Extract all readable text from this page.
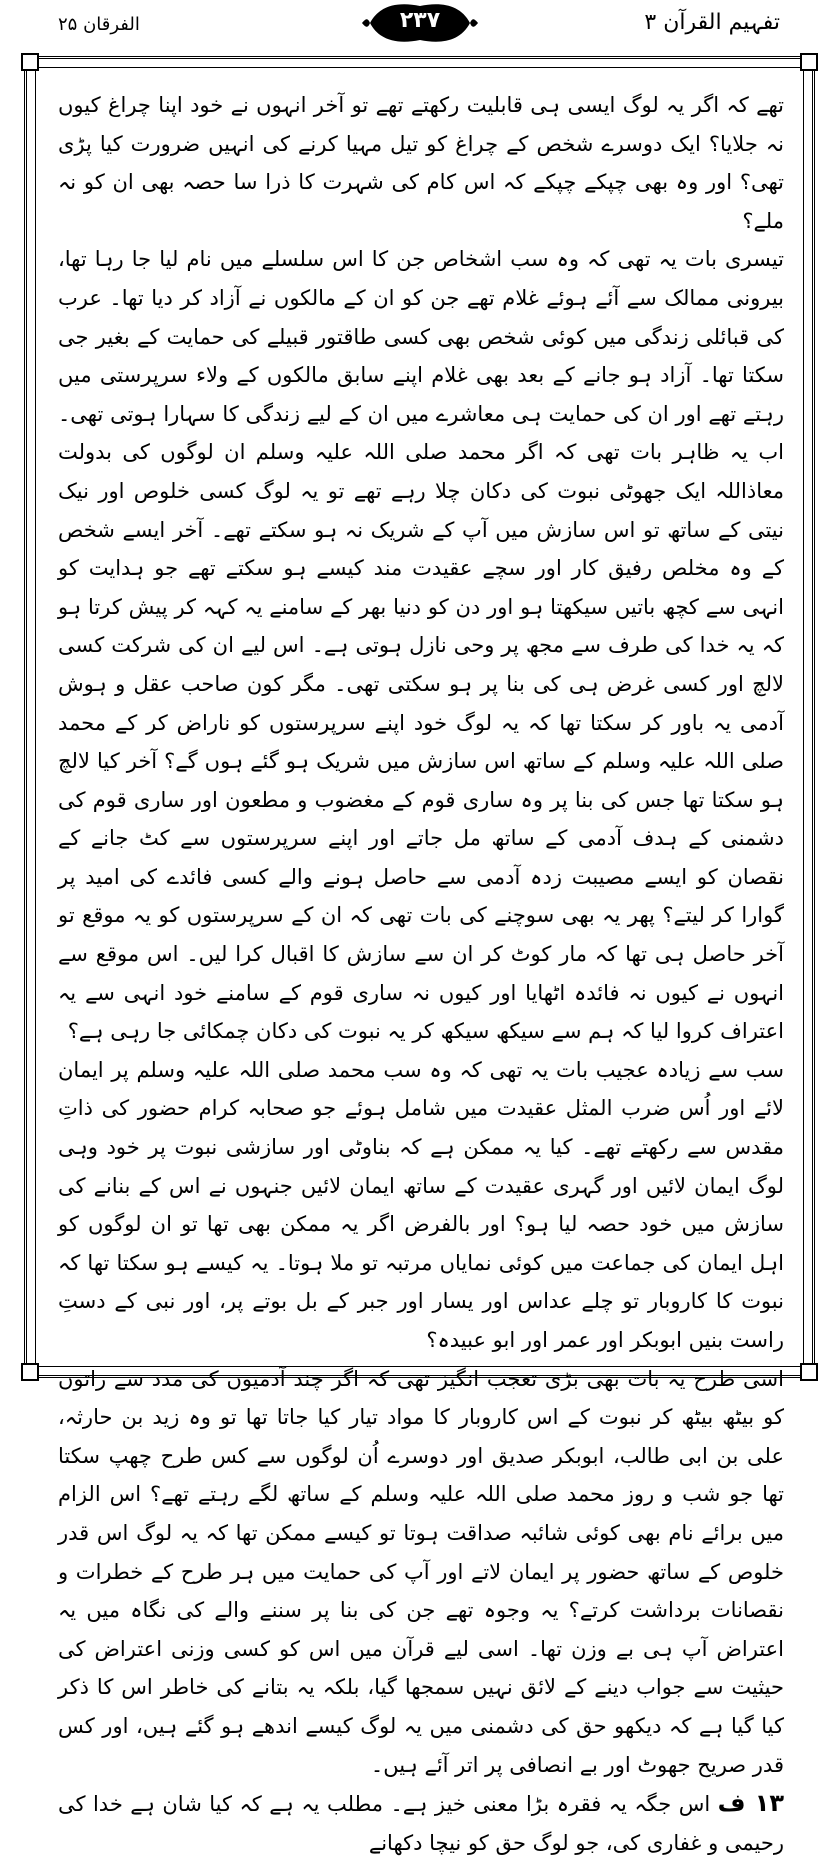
الفرقان ۲۵	۲۳۷	تفہیم القرآن ۳

تھے کہ اگر یہ لوگ ایسی ہی قابلیت رکھتے تھے تو آخر انہوں نے خود اپنا چراغ کیوں نہ جلایا؟ ایک دوسرے شخص کے چراغ کو تیل مہیا کرنے کی انہیں ضرورت کیا پڑی تھی؟ اور وہ بھی چپکے چپکے کہ اس کام کی شہرت کا ذرا سا حصہ بھی ان کو نہ ملے؟

تیسری بات یہ تھی کہ وہ سب اشخاص جن کا اس سلسلے میں نام لیا جا رہا تھا، بیرونی ممالک سے آئے ہوئے غلام تھے جن کو ان کے مالکوں نے آزاد کر دیا تھا۔ عرب کی قبائلی زندگی میں کوئی شخص بھی کسی طاقتور قبیلے کی حمایت کے بغیر جی سکتا تھا۔ آزاد ہو جانے کے بعد بھی غلام اپنے سابق مالکوں کے ولاء سرپرستی میں رہتے تھے اور ان کی حمایت ہی معاشرے میں ان کے لیے زندگی کا سہارا ہوتی تھی۔ اب یہ ظاہر بات تھی کہ اگر محمد صلی اللہ علیہ وسلم ان لوگوں کی بدولت معاذاللہ ایک جھوٹی نبوت کی دکان چلا رہے تھے تو یہ لوگ کسی خلوص اور نیک نیتی کے ساتھ تو اس سازش میں آپ کے شریک نہ ہو سکتے تھے۔ آخر ایسے شخص کے وہ مخلص رفیق کار اور سچے عقیدت مند کیسے ہو سکتے تھے جو ہدایت کو انہی سے کچھ باتیں سیکھتا ہو اور دن کو دنیا بھر کے سامنے یہ کہہ کر پیش کرتا ہو کہ یہ خدا کی طرف سے مجھ پر وحی نازل ہوتی ہے۔ اس لیے ان کی شرکت کسی لالچ اور کسی غرض ہی کی بنا پر ہو سکتی تھی۔ مگر کون صاحب عقل و ہوش آدمی یہ باور کر سکتا تھا کہ یہ لوگ خود اپنے سرپرستوں کو ناراض کر کے محمد صلی اللہ علیہ وسلم کے ساتھ اس سازش میں شریک ہو گئے ہوں گے؟ آخر کیا لالچ ہو سکتا تھا جس کی بنا پر وہ ساری قوم کے مغضوب و مطعون اور ساری قوم کی دشمنی کے ہدف آدمی کے ساتھ مل جاتے اور اپنے سرپرستوں سے کٹ جانے کے نقصان کو ایسے مصیبت زدہ آدمی سے حاصل ہونے والے کسی فائدے کی امید پر گوارا کر لیتے؟ پھر یہ بھی سوچنے کی بات تھی کہ ان کے سرپرستوں کو یہ موقع تو آخر حاصل ہی تھا کہ مار کوٹ کر ان سے سازش کا اقبال کرا لیں۔ اس موقع سے انہوں نے کیوں نہ فائدہ اٹھایا اور کیوں نہ ساری قوم کے سامنے خود انہی سے یہ اعتراف کروا لیا کہ ہم سے سیکھ سیکھ کر یہ نبوت کی دکان چمکائی جا رہی ہے؟

سب سے زیادہ عجیب بات یہ تھی کہ وہ سب محمد صلی اللہ علیہ وسلم پر ایمان لائے اور اُس ضرب المثل عقیدت میں شامل ہوئے جو صحابہ کرام حضور کی ذاتِ مقدس سے رکھتے تھے۔ کیا یہ ممکن ہے کہ بناوٹی اور سازشی نبوت پر خود وہی لوگ ایمان لائیں اور گہری عقیدت کے ساتھ ایمان لائیں جنہوں نے اس کے بنانے کی سازش میں خود حصہ لیا ہو؟ اور بالفرض اگر یہ ممکن بھی تھا تو ان لوگوں کو اہل ایمان کی جماعت میں کوئی نمایاں مرتبہ تو ملا ہوتا۔ یہ کیسے ہو سکتا تھا کہ نبوت کا کاروبار تو چلے عداس اور یسار اور جبر کے بل بوتے پر، اور نبی کے دستِ راست بنیں ابوبکر اور عمر اور ابو عبیدہ؟

اسی طرح یہ بات بھی بڑی تعجب انگیز تھی کہ اگر چند آدمیوں کی مدد سے راتوں کو بیٹھ بیٹھ کر نبوت کے اس کاروبار کا مواد تیار کیا جاتا تھا تو وہ زید بن حارثہ، علی بن ابی طالب، ابوبکر صدیق اور دوسرے اُن لوگوں سے کس طرح چھپ سکتا تھا جو شب و روز محمد صلی اللہ علیہ وسلم کے ساتھ لگے رہتے تھے؟ اس الزام میں برائے نام بھی کوئی شائبہ صداقت ہوتا تو کیسے ممکن تھا کہ یہ لوگ اس قدر خلوص کے ساتھ حضور پر ایمان لاتے اور آپ کی حمایت میں ہر طرح کے خطرات و نقصانات برداشت کرتے؟ یہ وجوہ تھے جن کی بنا پر سننے والے کی نگاہ میں یہ اعتراض آپ ہی بے وزن تھا۔ اسی لیے قرآن میں اس کو کسی وزنی اعتراض کی حیثیت سے جواب دینے کے لائق نہیں سمجھا گیا، بلکہ یہ بتانے کی خاطر اس کا ذکر کیا گیا ہے کہ دیکھو حق کی دشمنی میں یہ لوگ کیسے اندھے ہو گئے ہیں، اور کس قدر صریح جھوٹ اور بے انصافی پر اتر آئے ہیں۔

۱۳ ف اس جگہ یہ فقرہ بڑا معنی خیز ہے۔ مطلب یہ ہے کہ کیا شان ہے خدا کی رحیمی و غفاری کی، جو لوگ حق کو نیچا دکھانے
